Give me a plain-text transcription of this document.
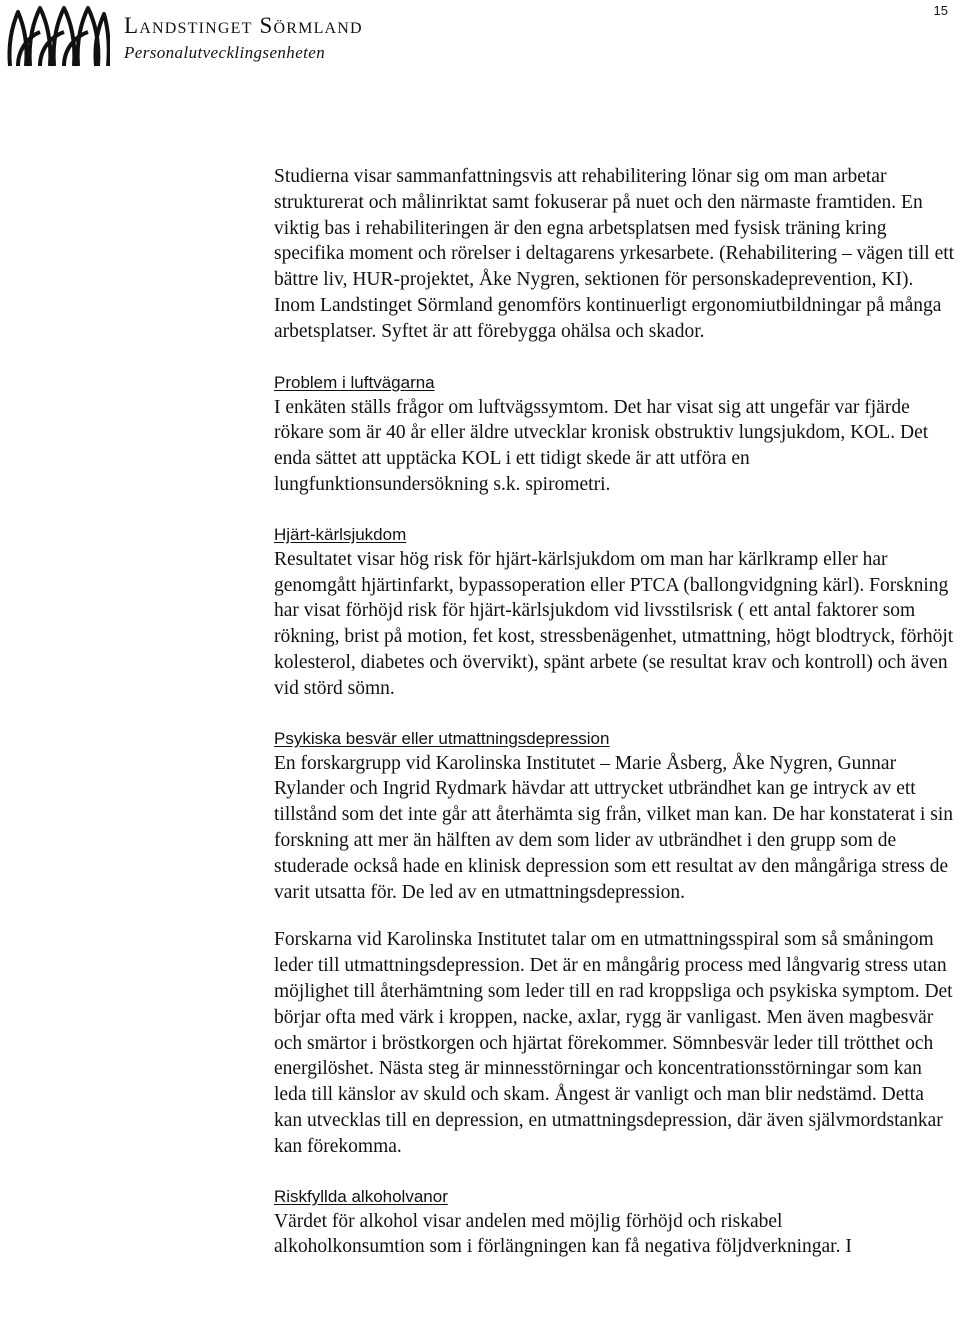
Landstinget Sörmland
Personalutvecklingsenheten
15

Studierna visar sammanfattningsvis att rehabilitering lönar sig om man arbetar strukturerat och målinriktat samt fokuserar på nuet och den närmaste framtiden. En viktig bas i rehabiliteringen är den egna arbetsplatsen med fysisk träning kring specifika moment och rörelser i deltagarens yrkesarbete. (Rehabilitering – vägen till ett bättre liv, HUR-projektet, Åke Nygren, sektionen för personskadeprevention, KI).

Inom Landstinget Sörmland genomförs kontinuerligt ergonomiutbildningar på många arbetsplatser. Syftet är att förebygga ohälsa och skador.

Problem i luftvägarna

I enkäten ställs frågor om luftvägssymtom. Det har visat sig att ungefär var fjärde rökare som är 40 år eller äldre utvecklar kronisk obstruktiv lungsjukdom, KOL. Det enda sättet att upptäcka KOL i ett tidigt skede är att utföra en lungfunktionsundersökning s.k. spirometri.

Hjärt-kärlsjukdom

Resultatet visar hög risk för hjärt-kärlsjukdom om man har kärlkramp eller har genomgått hjärtinfarkt, bypassoperation eller PTCA (ballongvidgning kärl). Forskning har visat förhöjd risk för hjärt-kärlsjukdom vid livsstilsrisk ( ett antal faktorer som rökning, brist på motion, fet kost, stressbenägenhet, utmattning, högt blodtryck, förhöjt kolesterol, diabetes och övervikt), spänt arbete (se resultat krav och kontroll) och även vid störd sömn.

Psykiska besvär eller utmattningsdepression

En forskargrupp vid Karolinska Institutet – Marie Åsberg, Åke Nygren, Gunnar Rylander och Ingrid Rydmark hävdar att uttrycket utbrändhet kan ge intryck av ett tillstånd som det inte går att återhämta sig från, vilket man kan. De har konstaterat i sin forskning att mer än hälften av dem som lider av utbrändhet i den grupp som de studerade också hade en klinisk depression som ett resultat av den mångåriga stress de varit utsatta för. De led av en utmattningsdepression.

Forskarna vid Karolinska Institutet talar om en utmattningsspiral som så småningom leder till utmattningsdepression. Det är en mångårig process med långvarig stress utan möjlighet till återhämtning som leder till en rad kroppsliga och psykiska symptom. Det börjar ofta med värk i kroppen, nacke, axlar, rygg är vanligast. Men även magbesvär och smärtor i bröstkorgen och hjärtat förekommer. Sömnbesvär leder till trötthet och energilöshet. Nästa steg är minnesstörningar och koncentrationsstörningar som kan leda till känslor av skuld och skam. Ångest är vanligt och man blir nedstämd. Detta kan utvecklas till en depression, en utmattningsdepression, där även självmordstankar kan förekomma.

Riskfyllda alkoholvanor

Värdet för alkohol visar andelen med möjlig förhöjd och riskabel

alkoholkonsumtion som i förlängningen kan få negativa följdverkningar. I
